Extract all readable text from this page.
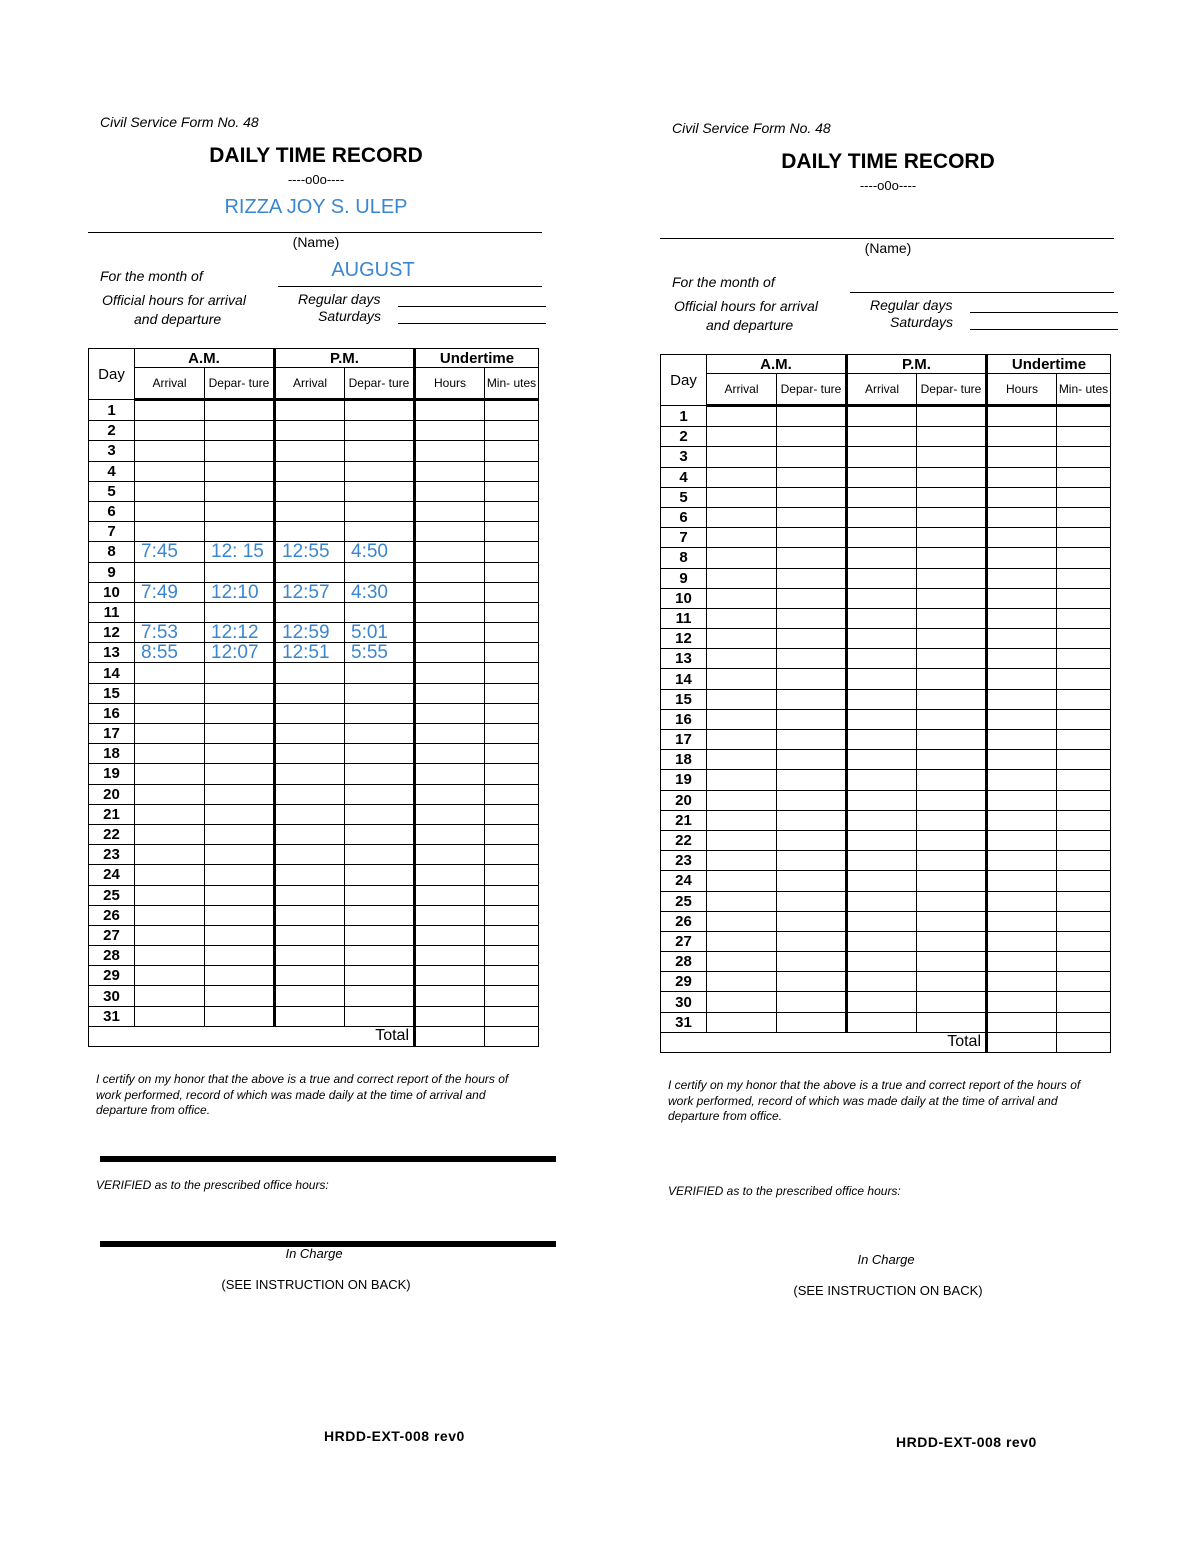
Civil Service Form No. 48
DAILY TIME RECORD
----o0o----
RIZZA JOY S. ULEP
(Name)
For the month of	AUGUST
Official hours for arrival
and departure
Regular days
Saturdays
Day	A.M.		P.M.		Undertime	
	Arrival	Depar- ture	Arrival	Depar- ture	Hours	Min- utes
1						
2						
3						
4						
5						
6						
7						
8	7:45	12: 15	12:55	4:50		
9						
10	7:49	12:10	12:57	4:30		
11						
12	7:53	12:12	12:59	5:01		
13	8:55	12:07	12:51	5:55		
14						
15						
16						
17						
18						
19						
20						
21						
22						
23						
24						
25						
26						
27						
28						
29						
30						
31						
				Total		
I certify on my honor that the above is a true and correct report of the hours of work performed, record of which was made daily at the time of arrival and departure from office.
VERIFIED as to the prescribed office hours:
In Charge
(SEE INSTRUCTION ON BACK)
HRDD-EXT-008 rev0
Civil Service Form No. 48
DAILY TIME RECORD
----o0o----
(Name)
For the month of
Official hours for arrival
and departure
Regular days
Saturdays
Day	A.M.		P.M.		Undertime	
	Arrival	Depar- ture	Arrival	Depar- ture	Hours	Min- utes
1						
2						
3						
4						
5						
6						
7						
8						
9						
10						
11						
12						
13						
14						
15						
16						
17						
18						
19						
20						
21						
22						
23						
24						
25						
26						
27						
28						
29						
30						
31						
				Total		
I certify on my honor that the above is a true and correct report of the hours of work performed, record of which was made daily at the time of arrival and departure from office.
VERIFIED as to the prescribed office hours:
In Charge
(SEE INSTRUCTION ON BACK)
HRDD-EXT-008 rev0
